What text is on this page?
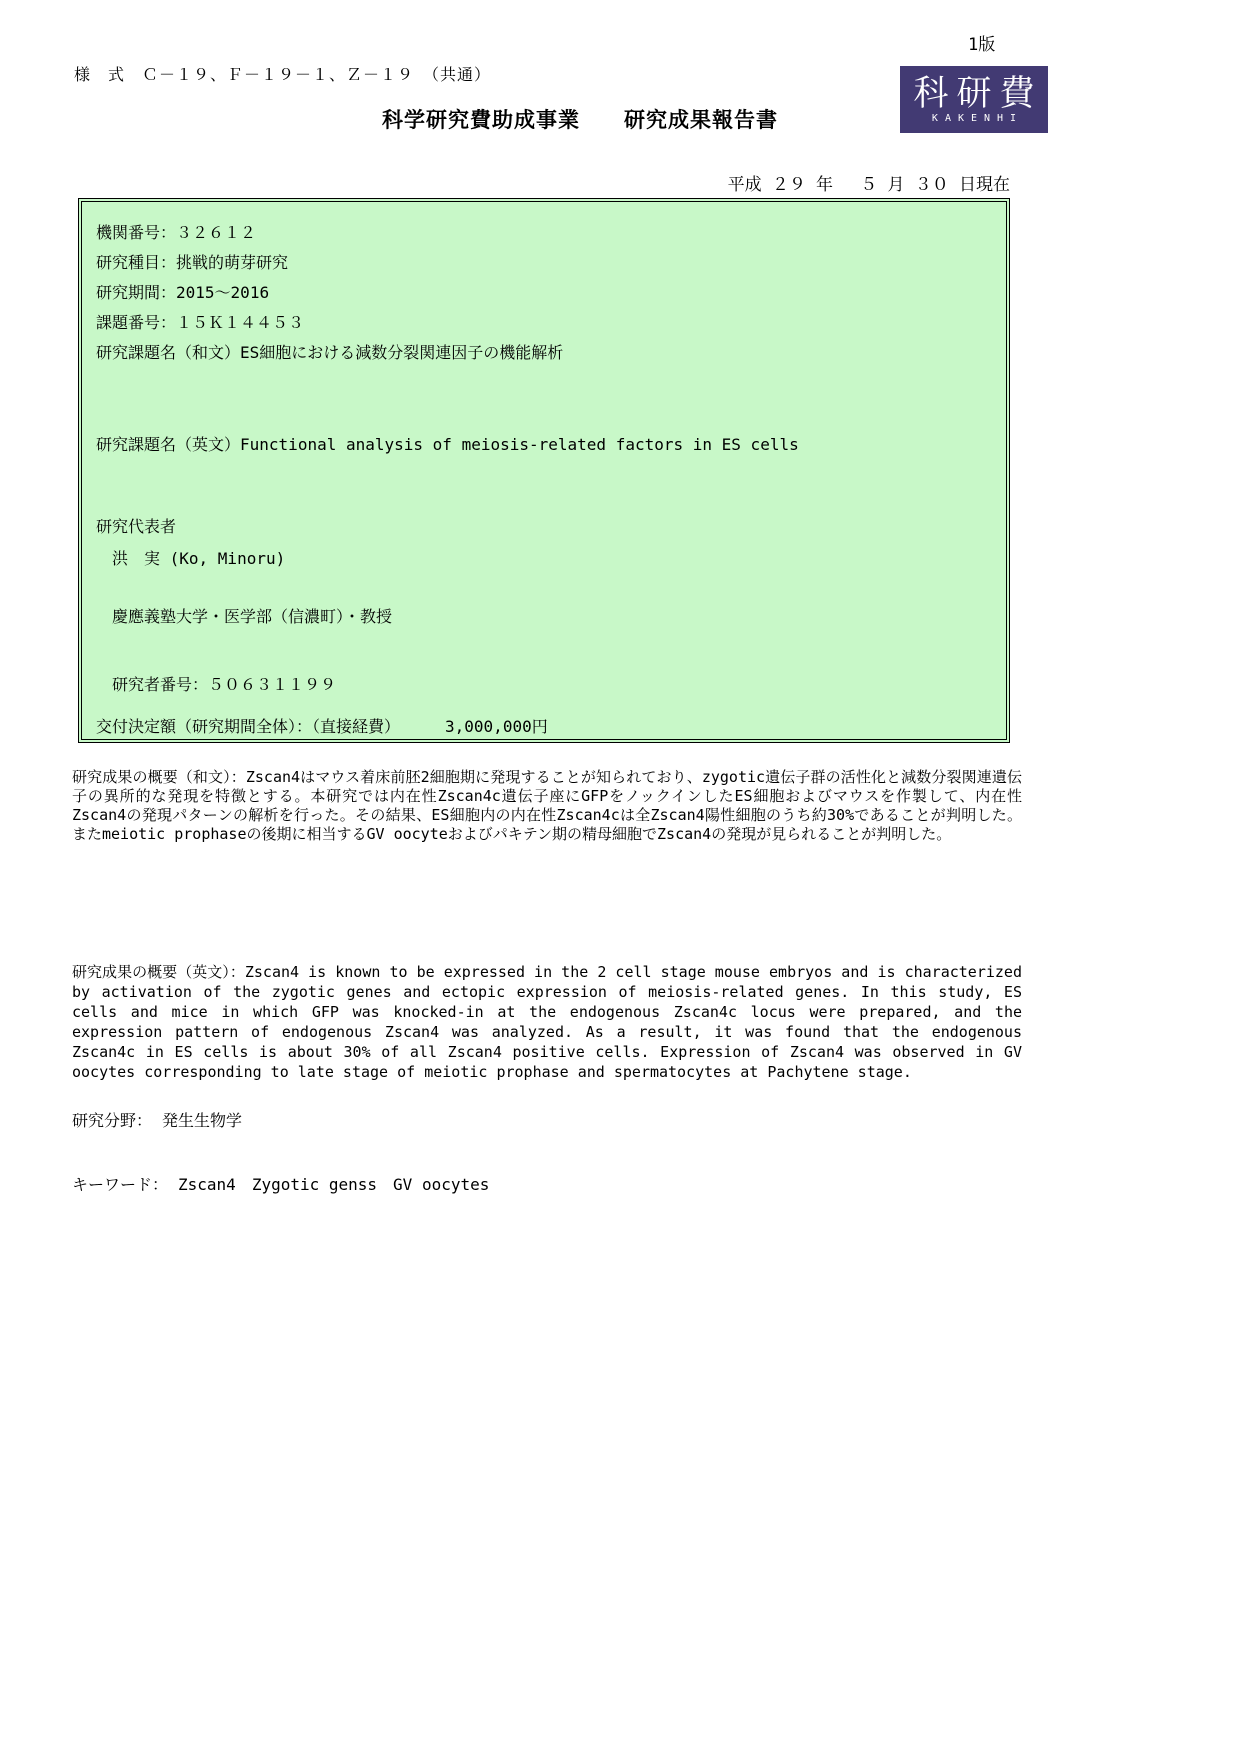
1版
様　式　Ｃ－１９、Ｆ－１９－１、Ｚ－１９　（共通）
科学研究費助成事業　　研究成果報告書
科研費
KAKENHI
平成 ２９ 年　 ５ 月 ３０ 日現在
機関番号：３２６１２
研究種目：挑戦的萌芽研究
研究期間：2015～2016
課題番号：１５Ｋ１４４５３
研究課題名（和文）ES細胞における減数分裂関連因子の機能解析
研究課題名（英文）Functional analysis of meiosis-related factors in ES cells
研究代表者
洪　実 (Ko, Minoru)
慶應義塾大学・医学部（信濃町）・教授
研究者番号：５０６３１１９９
交付決定額（研究期間全体）：（直接経費）	3,000,000円

研究成果の概要（和文）：Zscan4はマウス着床前胚2細胞期に発現することが知られており、zygotic遺伝子群の活性化と減数分裂関連遺伝子の異所的な発現を特徴とする。本研究では内在性Zscan4c遺伝子座にGFPをノックインしたES細胞およびマウスを作製して、内在性Zscan4の発現パターンの解析を行った。その結果、ES細胞内の内在性Zscan4cは全Zscan4陽性細胞のうち約30%であることが判明した。またmeiotic prophaseの後期に相当するGV oocyteおよびパキテン期の精母細胞でZscan4の発現が見られることが判明した。

研究成果の概要（英文）：Zscan4 is known to be expressed in the 2 cell stage mouse embryos and is characterized by activation of the zygotic genes and ectopic expression of meiosis-related genes. In this study, ES cells and mice in which GFP was knocked-in at the endogenous Zscan4c locus were prepared, and the expression pattern of endogenous Zscan4 was analyzed. As a result, it was found that the endogenous Zscan4c in ES cells is about 30% of all Zscan4 positive cells. Expression of Zscan4 was observed in GV oocytes corresponding to late stage of meiotic prophase and spermatocytes at Pachytene stage.

研究分野： 発生生物学
キーワード： Zscan4　Zygotic genss　GV oocytes
